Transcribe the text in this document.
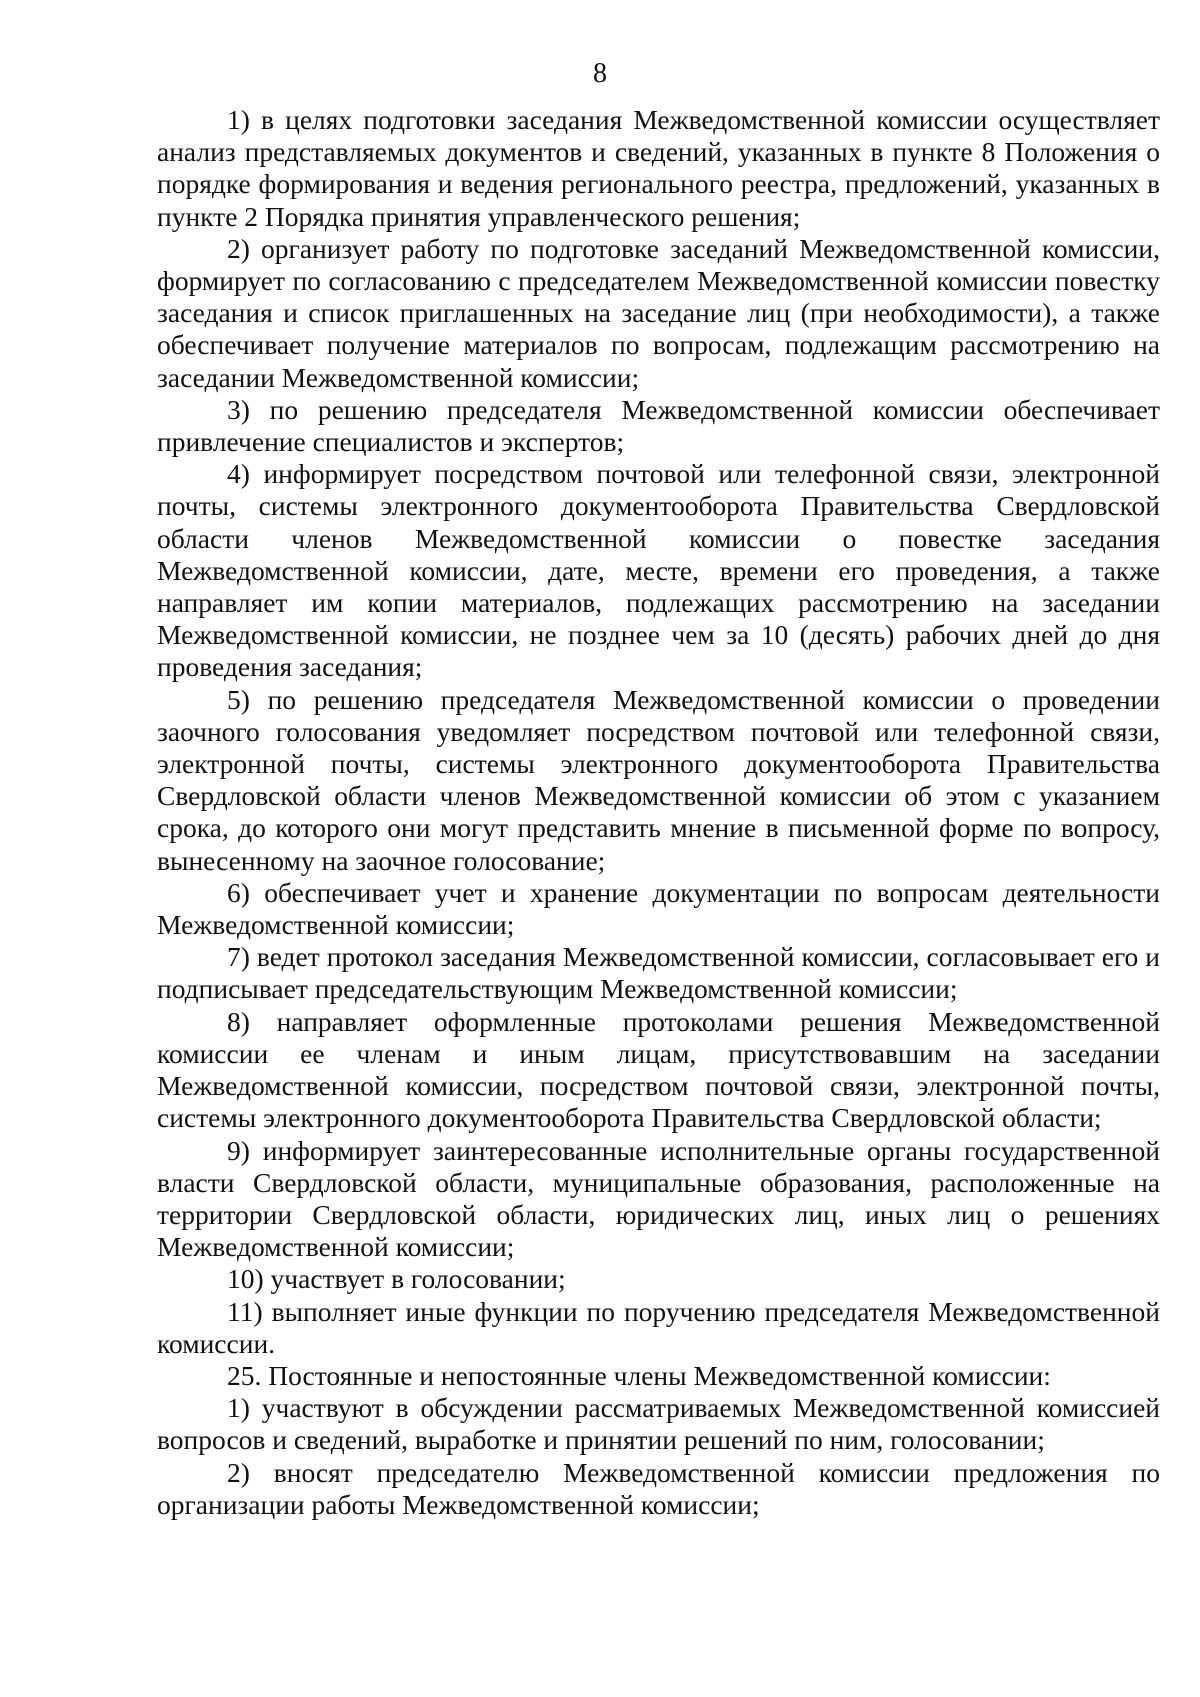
8

1) в целях подготовки заседания Межведомственной комиссии осуществляет анализ представляемых документов и сведений, указанных в пункте 8 Положения о порядке формирования и ведения регионального реестра, предложений, указанных в пункте 2 Порядка принятия управленческого решения;

2) организует работу по подготовке заседаний Межведомственной комиссии, формирует по согласованию с председателем Межведомственной комиссии повестку заседания и список приглашенных на заседание лиц (при необходимости), а также обеспечивает получение материалов по вопросам, подлежащим рассмотрению на заседании Межведомственной комиссии;

3) по решению председателя Межведомственной комиссии обеспечивает привлечение специалистов и экспертов;

4) информирует посредством почтовой или телефонной связи, электронной почты, системы электронного документооборота Правительства Свердловской области членов Межведомственной комиссии о повестке заседания Межведомственной комиссии, дате, месте, времени его проведения, а также направляет им копии материалов, подлежащих рассмотрению на заседании Межведомственной комиссии, не позднее чем за 10 (десять) рабочих дней до дня проведения заседания;

5) по решению председателя Межведомственной комиссии о проведении заочного голосования уведомляет посредством почтовой или телефонной связи, электронной почты, системы электронного документооборота Правительства Свердловской области членов Межведомственной комиссии об этом с указанием срока, до которого они могут представить мнение в письменной форме по вопросу, вынесенному на заочное голосование;

6) обеспечивает учет и хранение документации по вопросам деятельности Межведомственной комиссии;

7) ведет протокол заседания Межведомственной комиссии, согласовывает его и подписывает председательствующим Межведомственной комиссии;

8) направляет оформленные протоколами решения Межведомственной комиссии ее членам и иным лицам, присутствовавшим на заседании Межведомственной комиссии, посредством почтовой связи, электронной почты, системы электронного документооборота Правительства Свердловской области;

9) информирует заинтересованные исполнительные органы государственной власти Свердловской области, муниципальные образования, расположенные на территории Свердловской области, юридических лиц, иных лиц о решениях Межведомственной комиссии;

10) участвует в голосовании;

11) выполняет иные функции по поручению председателя Межведомственной комиссии.

25. Постоянные и непостоянные члены Межведомственной комиссии:

1) участвуют в обсуждении рассматриваемых Межведомственной комиссией вопросов и сведений, выработке и принятии решений по ним, голосовании;

2) вносят председателю Межведомственной комиссии предложения по организации работы Межведомственной комиссии;
